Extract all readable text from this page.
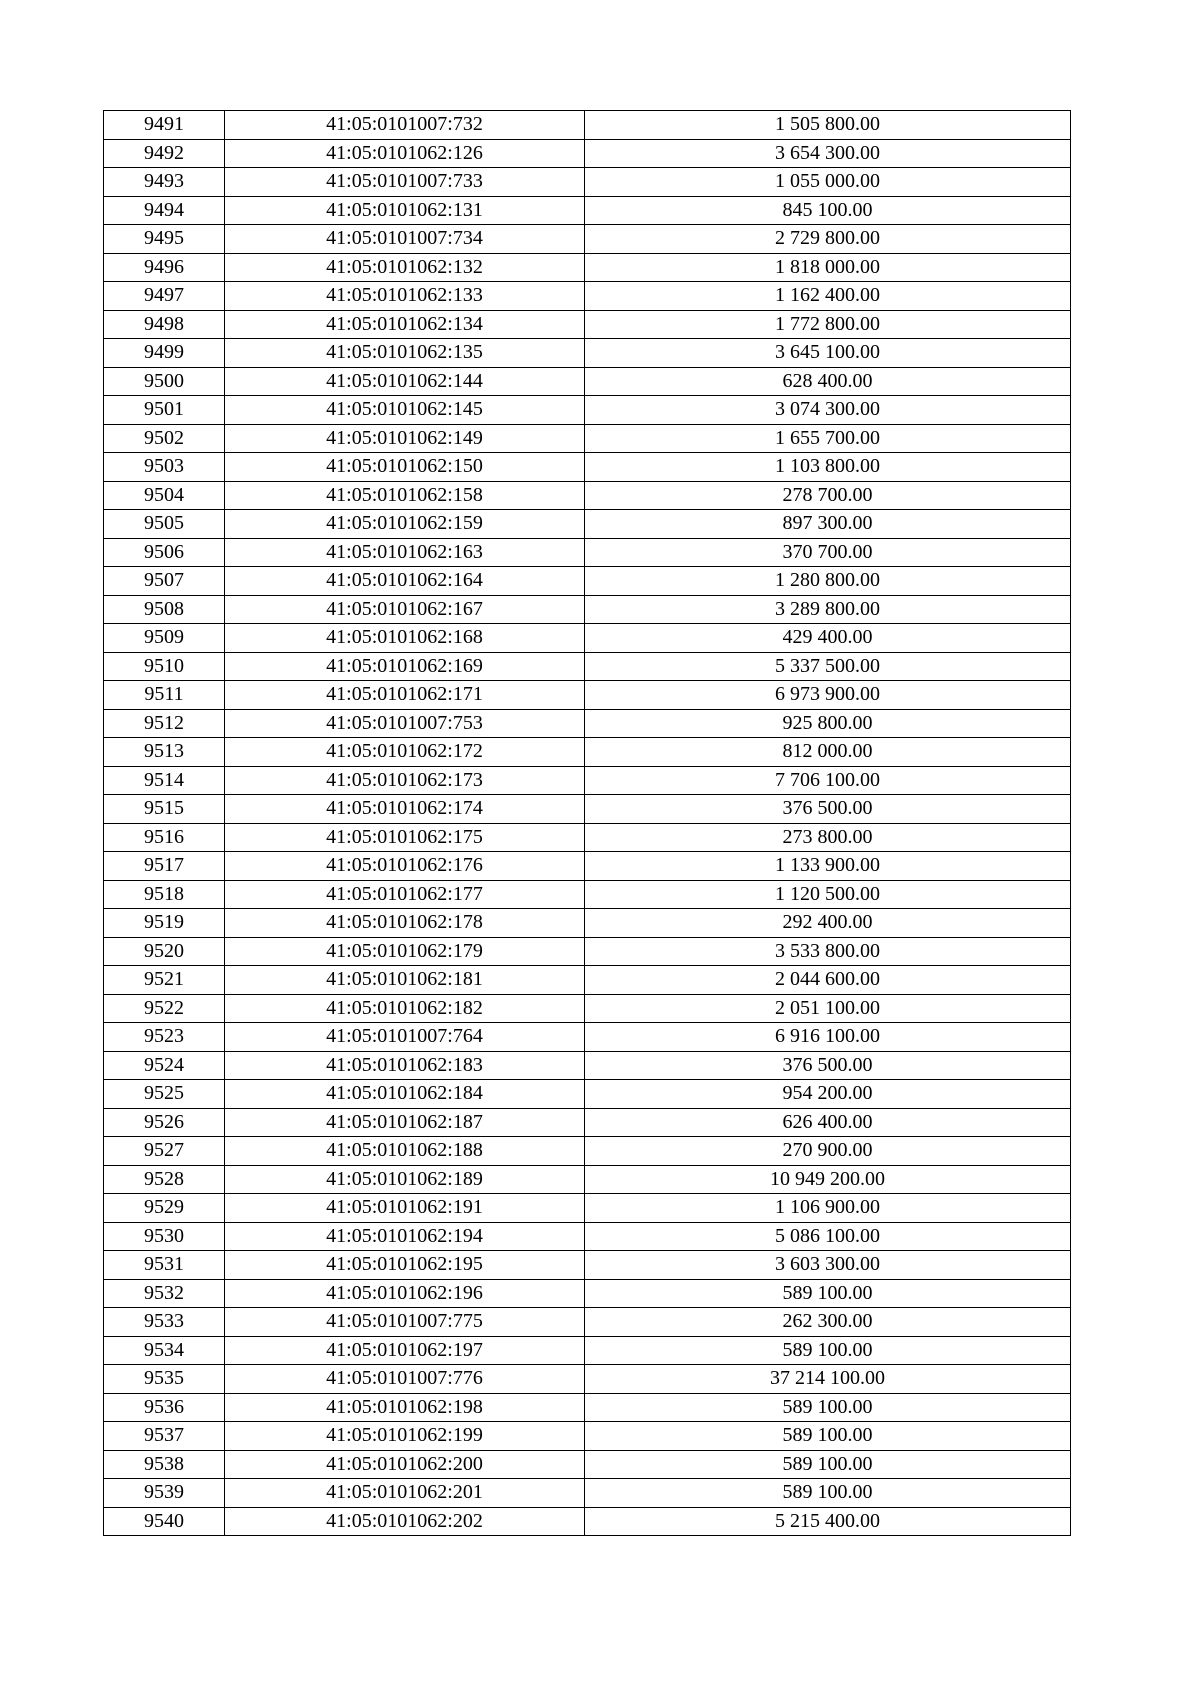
9491	41:05:0101007:732	1 505 800.00
9492	41:05:0101062:126	3 654 300.00
9493	41:05:0101007:733	1 055 000.00
9494	41:05:0101062:131	845 100.00
9495	41:05:0101007:734	2 729 800.00
9496	41:05:0101062:132	1 818 000.00
9497	41:05:0101062:133	1 162 400.00
9498	41:05:0101062:134	1 772 800.00
9499	41:05:0101062:135	3 645 100.00
9500	41:05:0101062:144	628 400.00
9501	41:05:0101062:145	3 074 300.00
9502	41:05:0101062:149	1 655 700.00
9503	41:05:0101062:150	1 103 800.00
9504	41:05:0101062:158	278 700.00
9505	41:05:0101062:159	897 300.00
9506	41:05:0101062:163	370 700.00
9507	41:05:0101062:164	1 280 800.00
9508	41:05:0101062:167	3 289 800.00
9509	41:05:0101062:168	429 400.00
9510	41:05:0101062:169	5 337 500.00
9511	41:05:0101062:171	6 973 900.00
9512	41:05:0101007:753	925 800.00
9513	41:05:0101062:172	812 000.00
9514	41:05:0101062:173	7 706 100.00
9515	41:05:0101062:174	376 500.00
9516	41:05:0101062:175	273 800.00
9517	41:05:0101062:176	1 133 900.00
9518	41:05:0101062:177	1 120 500.00
9519	41:05:0101062:178	292 400.00
9520	41:05:0101062:179	3 533 800.00
9521	41:05:0101062:181	2 044 600.00
9522	41:05:0101062:182	2 051 100.00
9523	41:05:0101007:764	6 916 100.00
9524	41:05:0101062:183	376 500.00
9525	41:05:0101062:184	954 200.00
9526	41:05:0101062:187	626 400.00
9527	41:05:0101062:188	270 900.00
9528	41:05:0101062:189	10 949 200.00
9529	41:05:0101062:191	1 106 900.00
9530	41:05:0101062:194	5 086 100.00
9531	41:05:0101062:195	3 603 300.00
9532	41:05:0101062:196	589 100.00
9533	41:05:0101007:775	262 300.00
9534	41:05:0101062:197	589 100.00
9535	41:05:0101007:776	37 214 100.00
9536	41:05:0101062:198	589 100.00
9537	41:05:0101062:199	589 100.00
9538	41:05:0101062:200	589 100.00
9539	41:05:0101062:201	589 100.00
9540	41:05:0101062:202	5 215 400.00
